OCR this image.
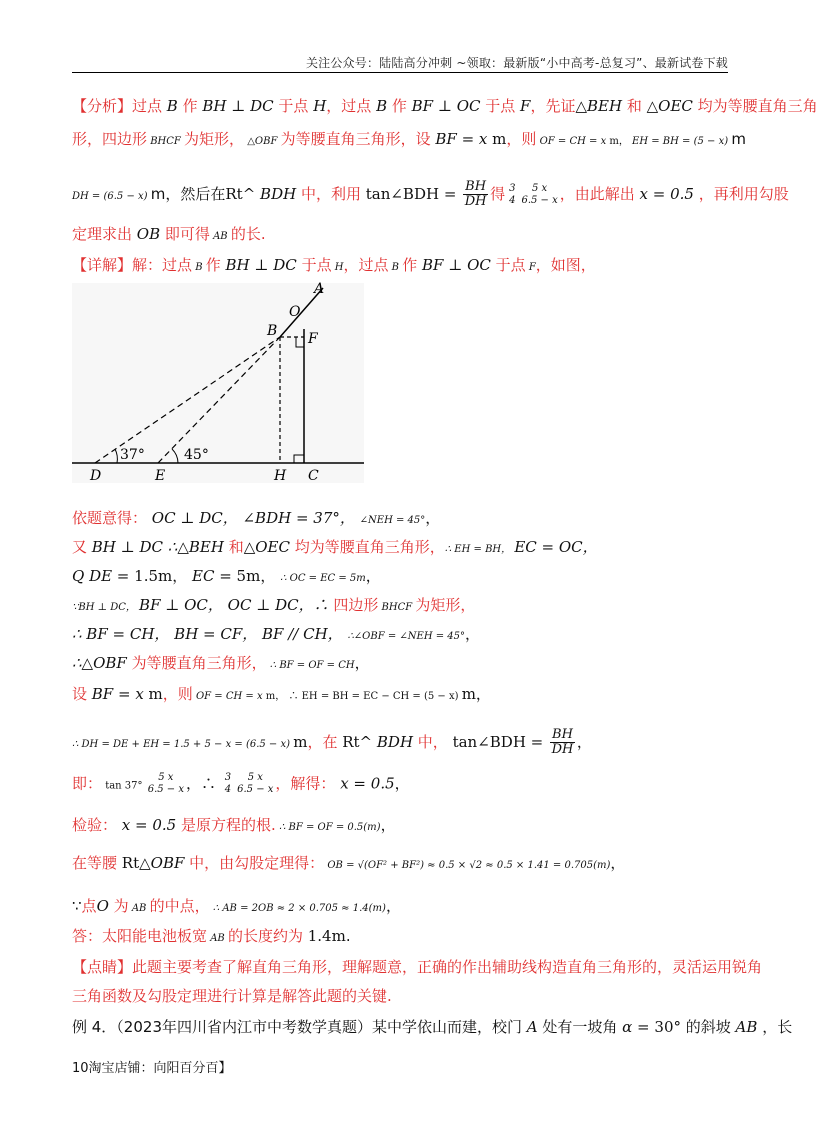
关注公众号：陆陆高分冲刺 ~领取：最新版“小中高考-总复习”、最新试卷下载
【分析】过点 B 作 BH ⊥ DC 于点 H，过点 B 作 BF ⊥ OC 于点 F，先证△BEH 和 △OEC 均为等腰直角三角
形，四边形 BHCF 为矩形， △OBF 为等腰直角三角形，设 BF = x m，则 OF = CH = x m， EH = BH = (5 − x) m
DH = (6.5 − x) m，然后在Rt^ BDH 中，利用 tan∠BDH = $\frac{BH}{DH}$ 得 3
4
5 x
6.5 − x ，由此解出 x = 0.5 ，再利用勾股
定理求出 OB 即可得 AB 的长.
【详解】解：过点 B 作 BH ⊥ DC 于点 H，过点 B 作 BF ⊥ OC 于点 F，如图，
37°	45°
A
O
B F
D	E	H C
依题意得： OC ⊥ DC， ∠BDH = 37°， ∠NEH = 45°，
又 BH ⊥ DC ∴△BEH 和△OEC 均为等腰直角三角形，∴ EH = BH， EC = OC，
Q DE = 1.5m， EC = 5m， ∴ OC = EC = 5m，
∵BH ⊥ DC， BF ⊥ OC， OC ⊥ DC，∴ 四边形 BHCF 为矩形，
∴ BF = CH， BH = CF， BF // CH， ∴∠OBF = ∠NEH = 45°，
∴△OBF 为等腰直角三角形， ∴ BF = OF = CH，
设 BF = x m，则 OF = CH = x m， ∴ EH = BH = EC − CH = (5 − x) m，
∴ DH = DE + EH = 1.5 + 5 − x = (6.5 − x) m，在 Rt^ BDH 中， tan∠BDH = $\frac{BH}{DH}$ ，
即： tan 37°
5 x
6.5 − x ，∴ 3
4
5 x
6.5 − x ，解得： x = 0.5，
检验： x = 0.5 是原方程的根. ∴ BF = OF = 0.5(m)，
在等腰 Rt△OBF 中，由勾股定理得： OB = √(OF² + BF²) ≈ 0.5 × √2 ≈ 0.5 × 1.41 = 0.705(m)，
∵点O 为 AB 的中点， ∴ AB = 2OB ≈ 2 × 0.705 ≈ 1.4(m)，
答：太阳能电池板宽 AB 的长度约为 1.4m.
【点睛】此题主要考查了解直角三角形，理解题意，正确的作出辅助线构造直角三角形的，灵活运用锐角
三角函数及勾股定理进行计算是解答此题的关键.
例 4．（2023年四川省内江市中考数学真题）某中学依山而建，校门 A 处有一坡角 α = 30° 的斜坡 AB ，长
10淘宝店铺：向阳百分百】
